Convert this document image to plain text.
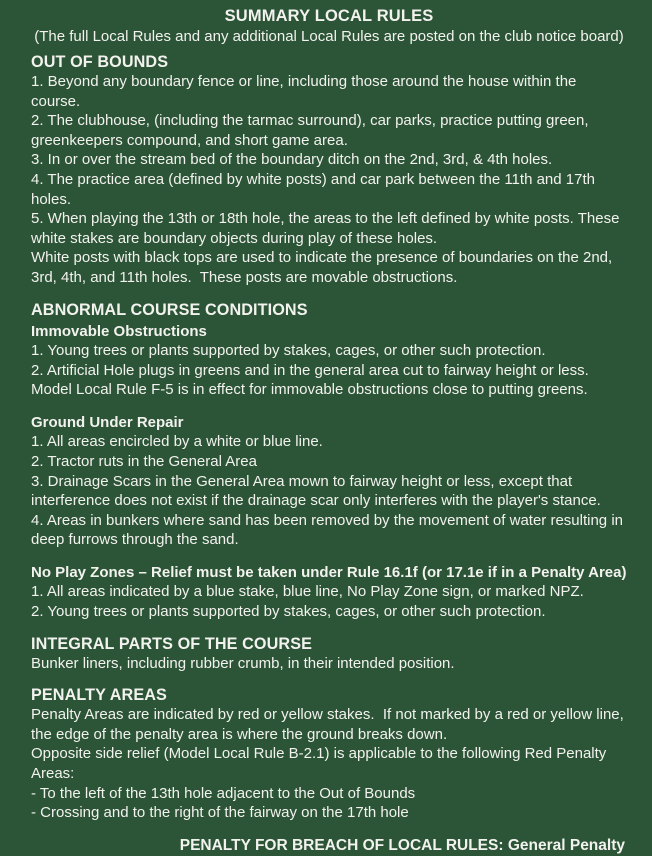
SUMMARY LOCAL RULES

(The full Local Rules and any additional Local Rules are posted on the club notice board)

OUT OF BOUNDS

1. Beyond any boundary fence or line, including those around the house within the course.

2. The clubhouse, (including the tarmac surround), car parks, practice putting green, greenkeepers compound, and short game area.

3. In or over the stream bed of the boundary ditch on the 2nd, 3rd, & 4th holes.

4. The practice area (defined by white posts) and car park between the 11th and 17th holes.

5. When playing the 13th or 18th hole, the areas to the left defined by white posts. These white stakes are boundary objects during play of these holes.

White posts with black tops are used to indicate the presence of boundaries on the 2nd, 3rd, 4th, and 11th holes.  These posts are movable obstructions.

ABNORMAL COURSE CONDITIONS
Immovable Obstructions

1. Young trees or plants supported by stakes, cages, or other such protection.

2. Artificial Hole plugs in greens and in the general area cut to fairway height or less.

Model Local Rule F-5 is in effect for immovable obstructions close to putting greens.

Ground Under Repair

1. All areas encircled by a white or blue line.

2. Tractor ruts in the General Area

3. Drainage Scars in the General Area mown to fairway height or less, except that interference does not exist if the drainage scar only interferes with the player's stance.

4. Areas in bunkers where sand has been removed by the movement of water resulting in deep furrows through the sand.

No Play Zones – Relief must be taken under Rule 16.1f (or 17.1e if in a Penalty Area)

1. All areas indicated by a blue stake, blue line, No Play Zone sign, or marked NPZ.

2. Young trees or plants supported by stakes, cages, or other such protection.

INTEGRAL PARTS OF THE COURSE

Bunker liners, including rubber crumb, in their intended position.

PENALTY AREAS

Penalty Areas are indicated by red or yellow stakes.  If not marked by a red or yellow line, the edge of the penalty area is where the ground breaks down.

Opposite side relief (Model Local Rule B-2.1) is applicable to the following Red Penalty Areas:

- To the left of the 13th hole adjacent to the Out of Bounds

- Crossing and to the right of the fairway on the 17th hole

PENALTY FOR BREACH OF LOCAL RULES: General Penalty
